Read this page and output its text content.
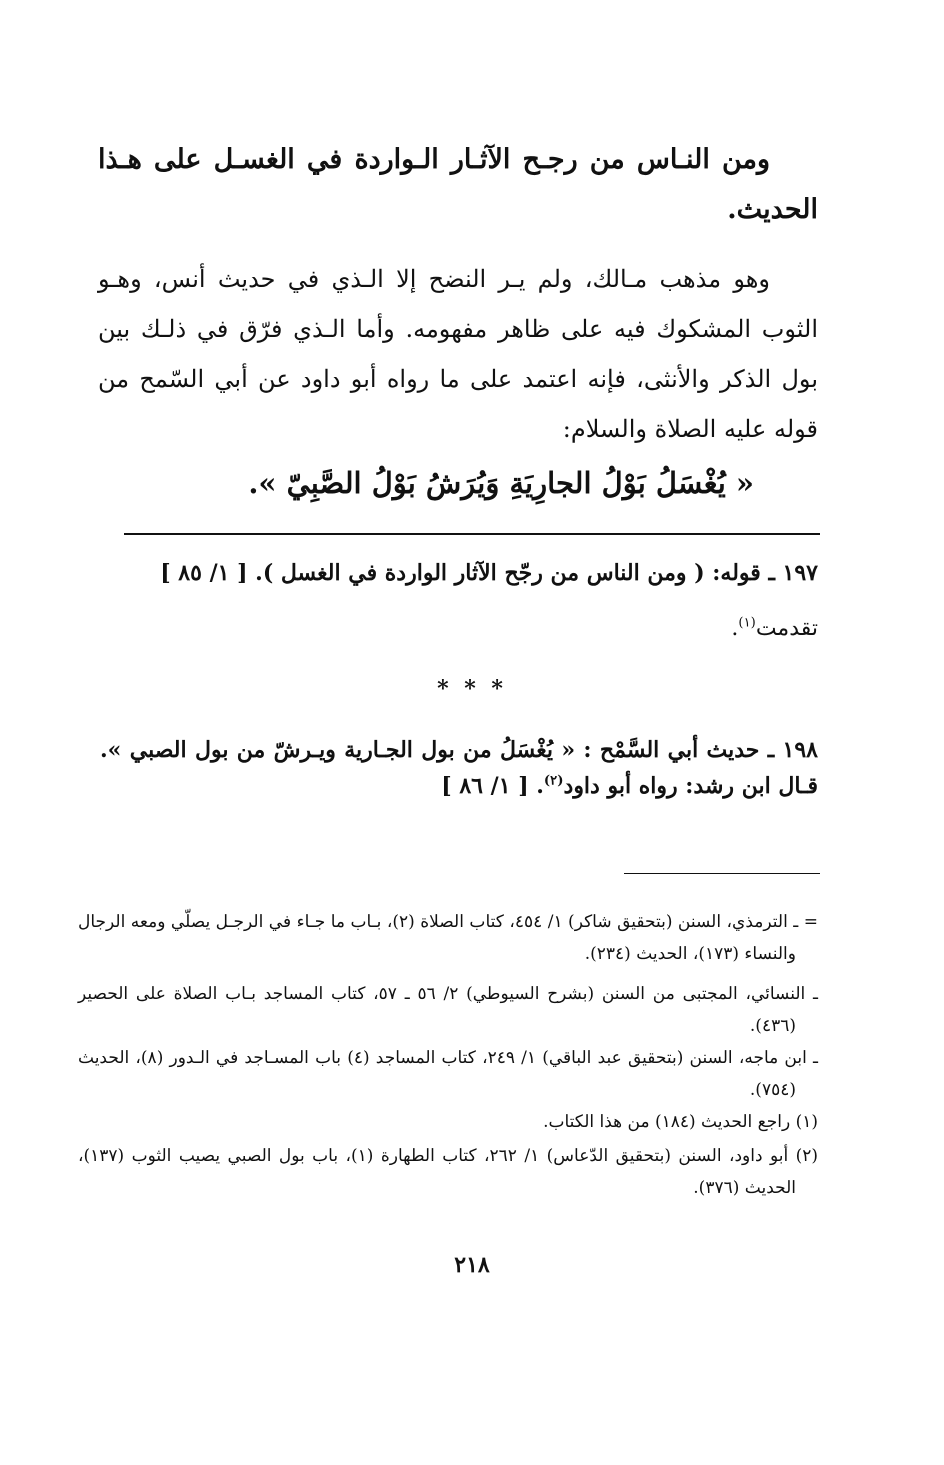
ومن النـاس من رجـح الآثـار الـواردة في الغسـل على هـذا الحديث.
وهو مذهب مـالك، ولم يـر النضح إلا الـذي في حديث أنس، وهـو الثوب المشكوك فيه على ظاهر مفهومه. وأما الـذي فرّق في ذلـك بين بول الذكر والأنثى، فإنه اعتمد على ما رواه أبو داود عن أبي السّمح من قوله عليه الصلاة والسلام:
« يُغْسَلُ بَوْلُ الجارِيَةِ وَيُرَشُ بَوْلُ الصَّبِيّ ».
١٩٧ ـ قوله: ( ومن الناس من رجّح الآثار الواردة في الغسل ). [ ١/ ٨٥ ]
تقدمت$^{(١)}$.
* * *
١٩٨ ـ حديث أبي السَّمْح : « يُغْسَلُ من بول الجـارية ويـرشّ من بول الصبي ». قـال ابن رشد: رواه أبو داود$^{(٢)}$. [ ١/ ٨٦ ]
= ـ الترمذي، السنن (بتحقيق شاكر) ١/ ٤٥٤، كتاب الصلاة (٢)، بـاب ما جـاء في الرجـل يصلّي ومعه الرجال والنساء (١٧٣)، الحديث (٢٣٤).
ـ النسائي، المجتبى من السنن (بشرح السيوطي) ٢/ ٥٦ ـ ٥٧، كتاب المساجد بـاب الصلاة على الحصير (٤٣٦).
ـ ابن ماجه، السنن (بتحقيق عبد الباقي) ١/ ٢٤٩، كتاب المساجد (٤) باب المسـاجد في الـدور (٨)، الحديث (٧٥٤).
(١) راجع الحديث (١٨٤) من هذا الكتاب.
(٢) أبو داود، السنن (بتحقيق الدّعاس) ١/ ٢٦٢، كتاب الطهارة (١)، باب بول الصبي يصيب الثوب (١٣٧)، الحديث (٣٧٦).
٢١٨
